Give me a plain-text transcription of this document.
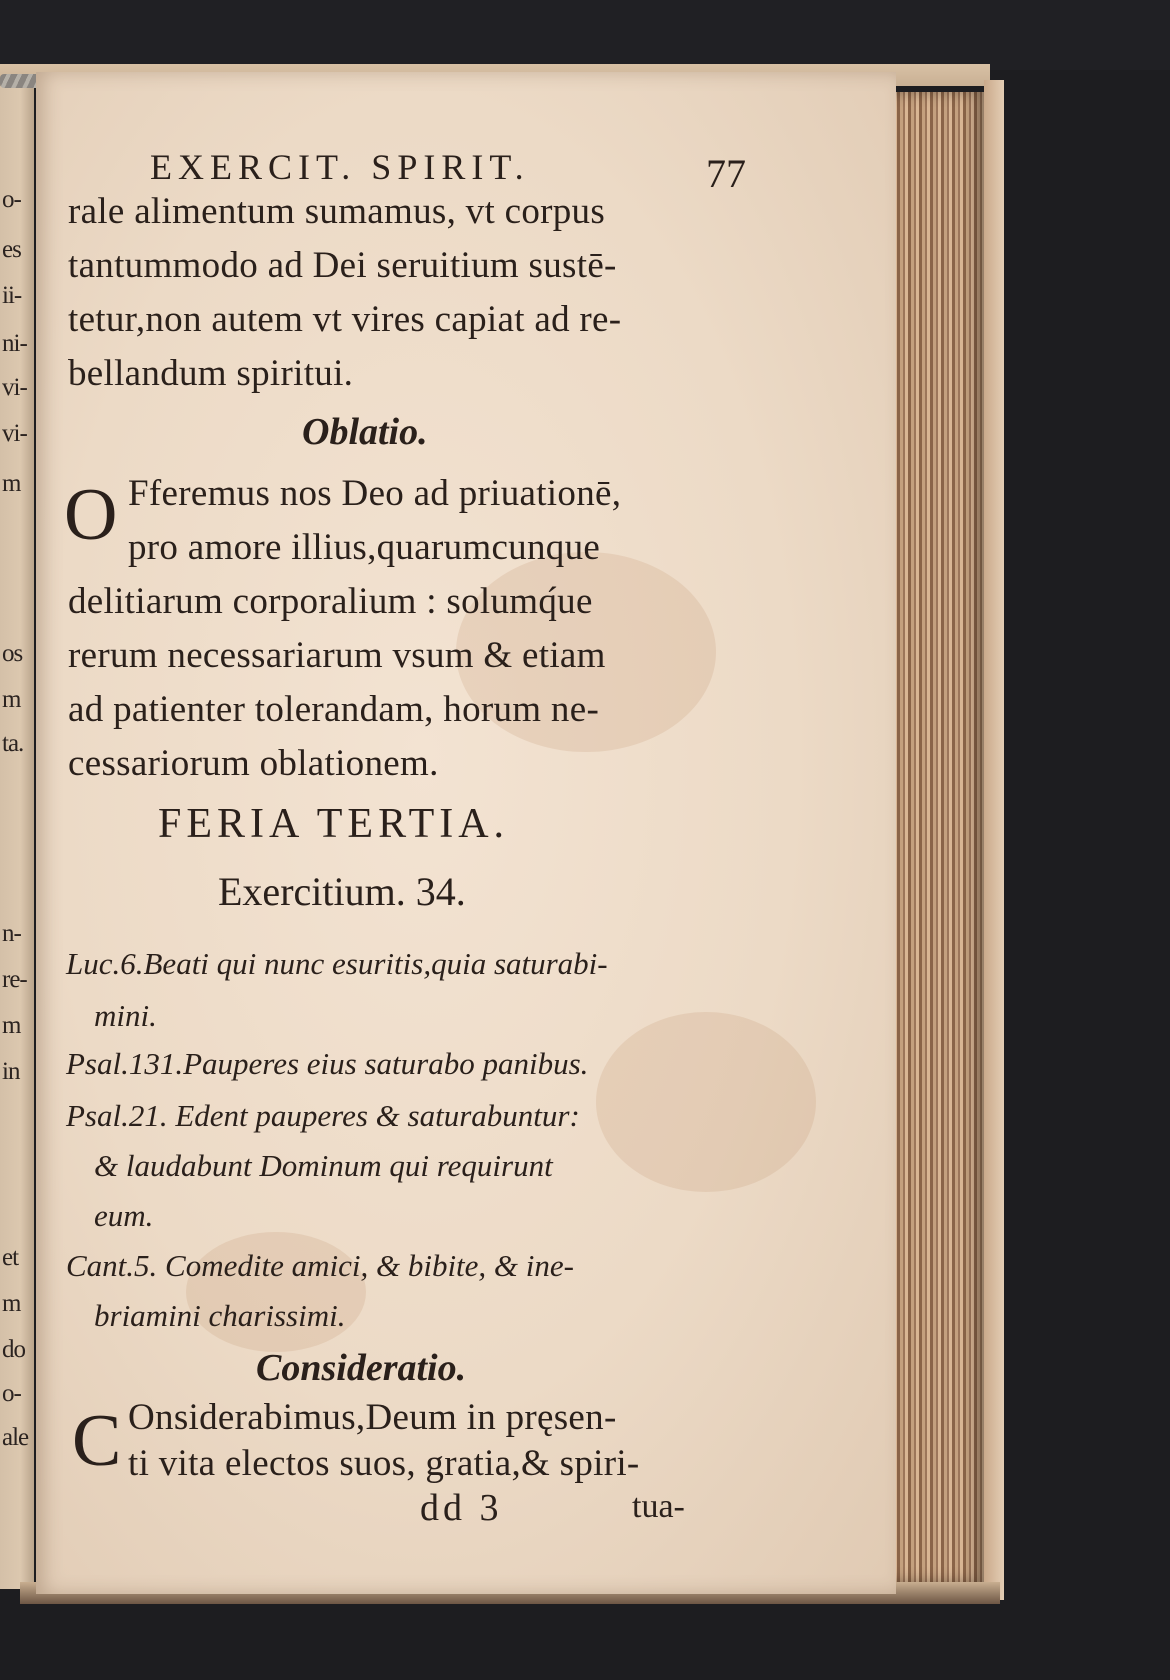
o-
es
ii-
ni-
vi-
vi-
m
os
m
ta.
n-
re-
m
in
et
m
do
o-
ale
EXERCIT. SPIRIT.	77
rale alimentum sumamus, vt corpus
tantummodo ad Dei seruitium sustē-
tetur,non autem vt vires capiat ad re-
bellandum spiritui.
Oblatio.
O Fferemus nos Deo ad priuationē,
pro amore illius,quarumcunque
delitiarum corporalium : solumq́ue
rerum necessariarum vsum & etiam
ad patienter tolerandam, horum ne-
cessariorum oblationem.
FERIA TERTIA.
Exercitium. 34.
Luc.6.Beati qui nunc esuritis,quia saturabi-
mini.
Psal.131.Pauperes eius saturabo panibus.
Psal.21. Edent pauperes & saturabuntur:
& laudabunt Dominum qui requirunt
eum.
Cant.5. Comedite amici, & bibite, & ine-
briamini charissimi.
Consideratio.
C Onsiderabimus,Deum in pręsen-
ti vita electos suos, gratia,& spiri-
dd 3	tua-
